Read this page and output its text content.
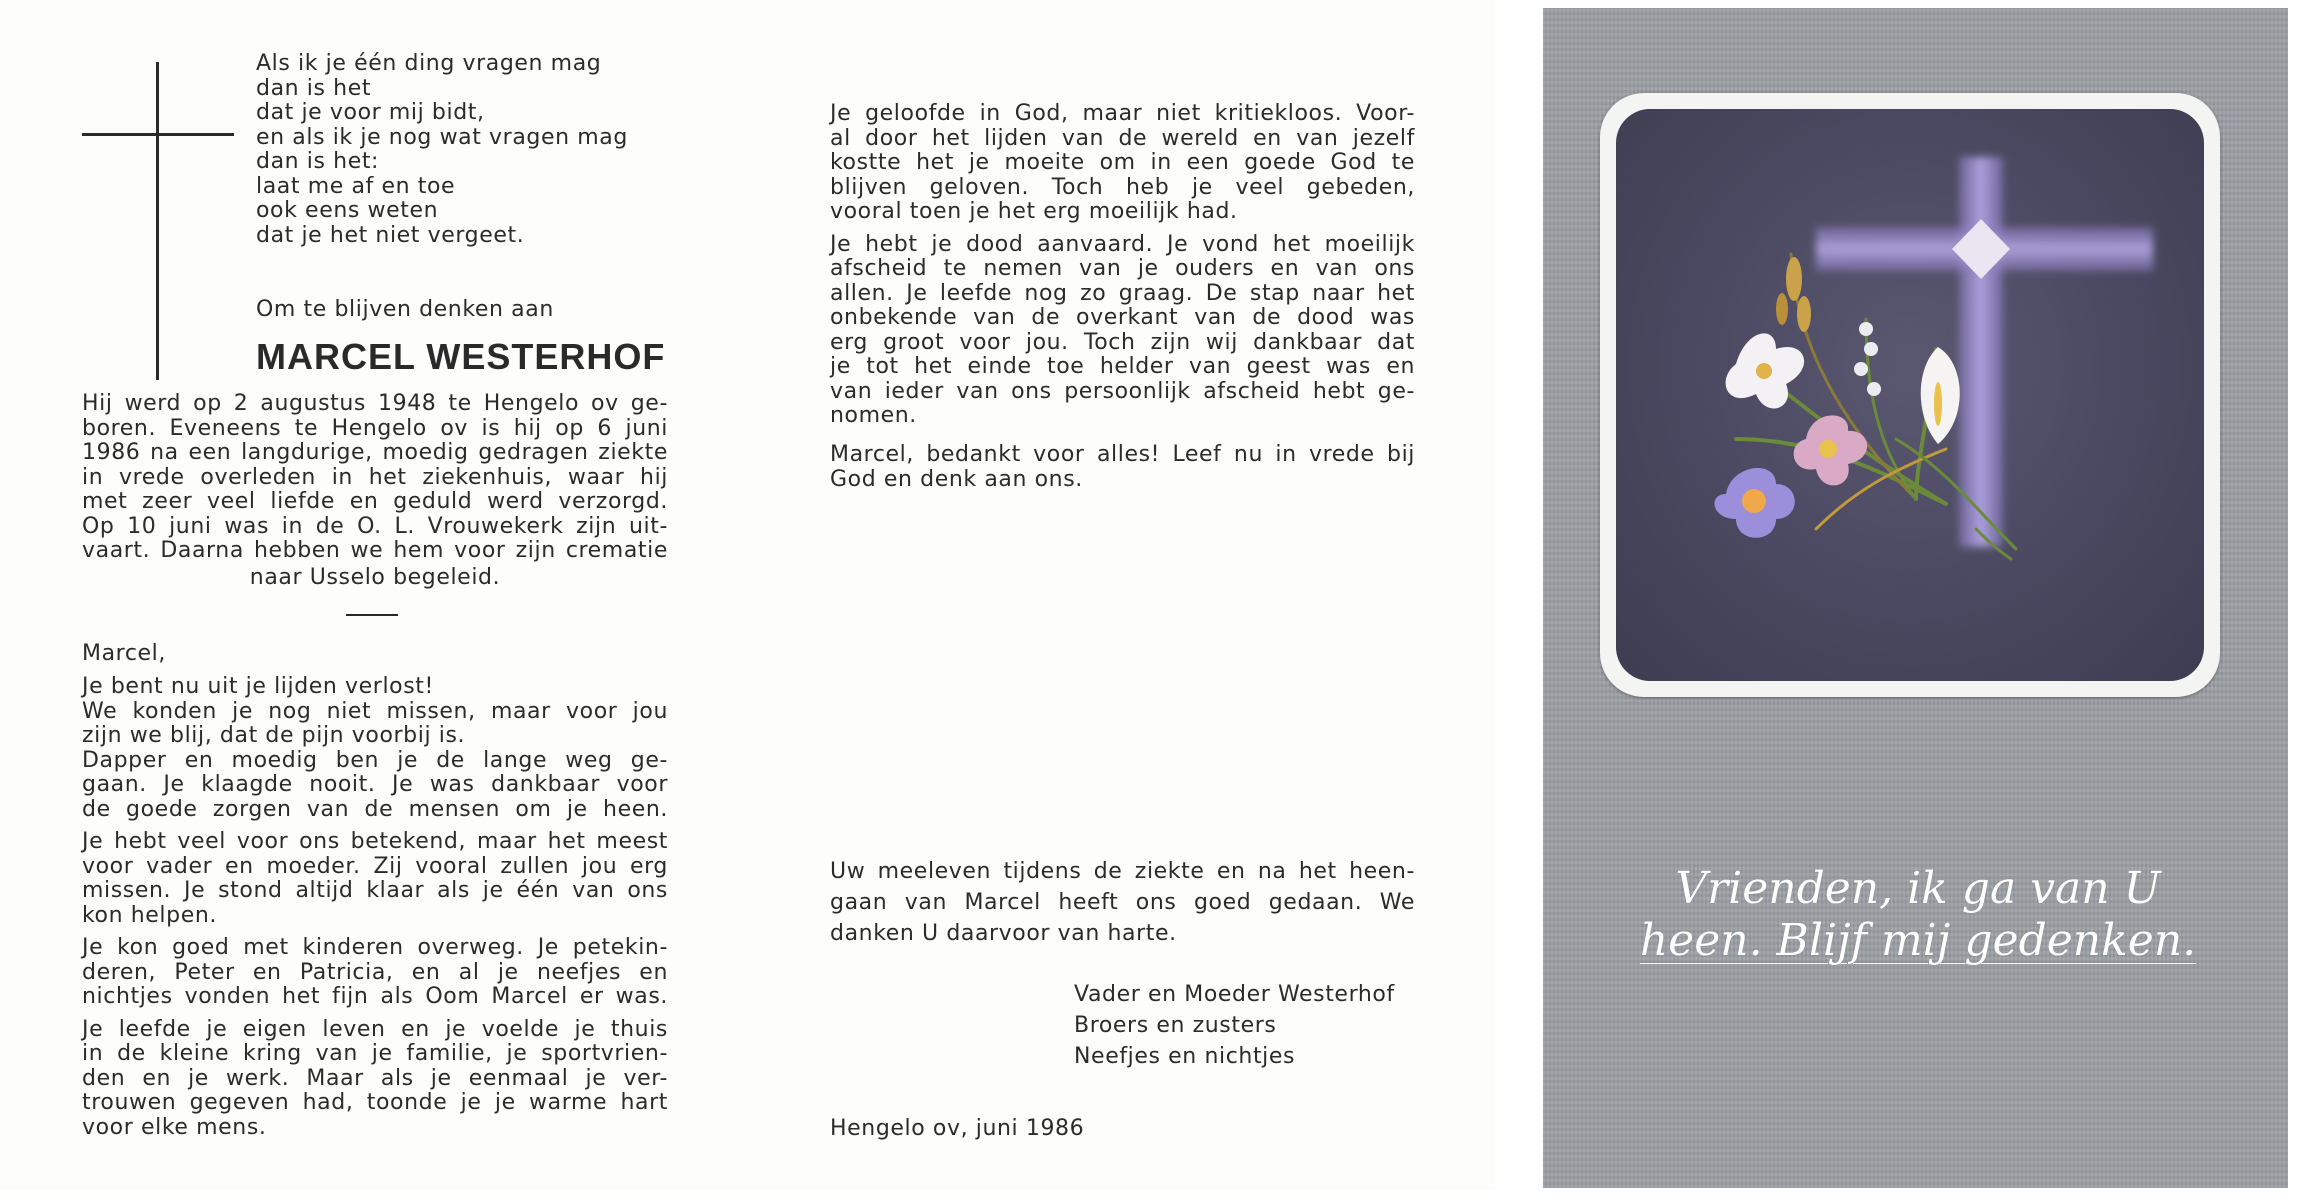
Als ik je één ding vragen mag
dan is het
dat je voor mij bidt,
en als ik je nog wat vragen mag
dan is het:
laat me af en toe
ook eens weten
dat je het niet vergeet.
Om te blijven denken aan
MARCEL WESTERHOF
Hij werd op 2 augustus 1948 te Hengelo ov ge-
boren. Eveneens te Hengelo ov is hij op 6 juni
1986 na een langdurige, moedig gedragen ziekte
in vrede overleden in het ziekenhuis, waar hij
met zeer veel liefde en geduld werd verzorgd.
Op 10 juni was in de O. L. Vrouwekerk zijn uit-
vaart. Daarna hebben we hem voor zijn crematie
naar Usselo begeleid.
Marcel,
Je bent nu uit je lijden verlost!
We konden je nog niet missen, maar voor jou
zijn we blij, dat de pijn voorbij is.
Dapper en moedig ben je de lange weg ge-
gaan. Je klaagde nooit. Je was dankbaar voor
de goede zorgen van de mensen om je heen.
Je hebt veel voor ons betekend, maar het meest
voor vader en moeder. Zij vooral zullen jou erg
missen. Je stond altijd klaar als je één van ons
kon helpen.
Je kon goed met kinderen overweg. Je petekin-
deren, Peter en Patricia, en al je neefjes en
nichtjes vonden het fijn als Oom Marcel er was.
Je leefde je eigen leven en je voelde je thuis
in de kleine kring van je familie, je sportvrien-
den en je werk. Maar als je eenmaal je ver-
trouwen gegeven had, toonde je je warme hart
voor elke mens.
Je geloofde in God, maar niet kritiekloos. Voor-
al door het lijden van de wereld en van jezelf
kostte het je moeite om in een goede God te
blijven geloven. Toch heb je veel gebeden,
vooral toen je het erg moeilijk had.
Je hebt je dood aanvaard. Je vond het moeilijk
afscheid te nemen van je ouders en van ons
allen. Je leefde nog zo graag. De stap naar het
onbekende van de overkant van de dood was
erg groot voor jou. Toch zijn wij dankbaar dat
je tot het einde toe helder van geest was en
van ieder van ons persoonlijk afscheid hebt ge-
nomen.
Marcel, bedankt voor alles! Leef nu in vrede bij
God en denk aan ons.
Uw meeleven tijdens de ziekte en na het heen-
gaan van Marcel heeft ons goed gedaan. We
danken U daarvoor van harte.
Vader en Moeder Westerhof
Broers en zusters
Neefjes en nichtjes
Hengelo ov, juni 1986
Vrienden, ik ga van U
heen. Blijf mij gedenken.
